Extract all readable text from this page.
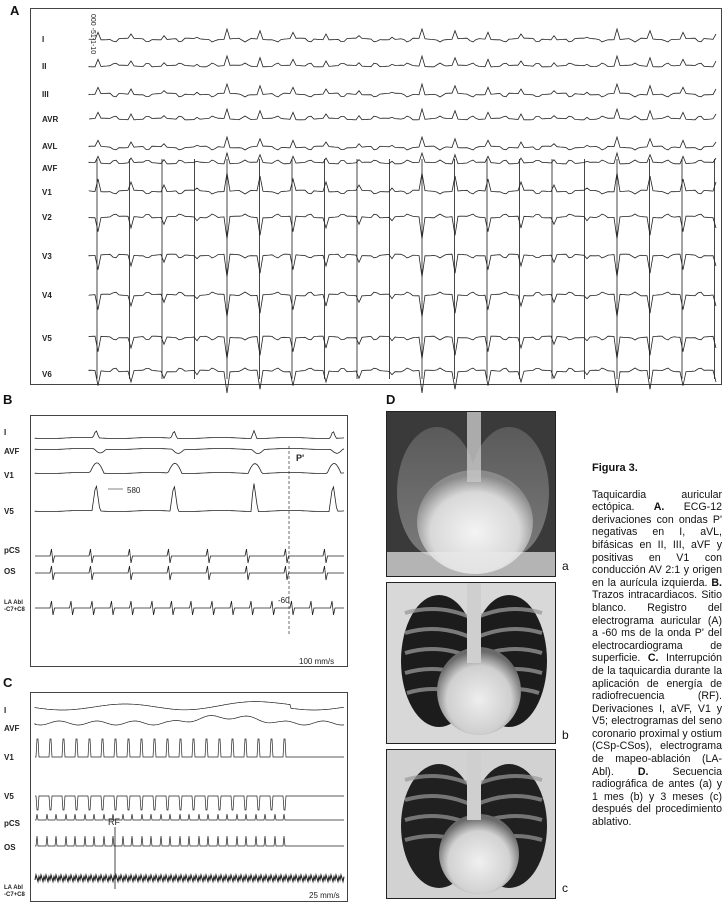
A
000 -51-1-10
I
II
III
AVR
AVL
AVF
V1
V2
V3
V4
V5
V6
B
580
P'
-60
100 mm/s
I
AVF
V1
V5
pCS
OS
LA Abl
-C7+C8
C
RF
25 mm/s
I
AVF
V1
V5
pCS
OS
LA Abl
-C7+C8
D
a
b
c
Figura 3.
Taquicardia auricular ectópica. A. ECG-12 derivaciones con ondas P' negativas en I, aVL, bifásicas en II, III, aVF y positivas en V1 con conducción AV 2:1 y origen en la aurícula izquierda. B. Trazos intracardiacos. Sitio blanco. Registro del electrograma auricular (A) a -60 ms de la onda P' del electrocardiograma de superficie. C. Interrupción de la taquicardia durante la aplicación de energía de radiofrecuencia (RF). Derivaciones I, aVF, V1 y V5; electrogramas del seno coronario proximal y ostium (CSp-CSos), electrograma de mapeo-ablación (LA-Abl). D. Secuencia radiográfica de antes (a) y 1 mes (b) y 3 meses (c) después del procedimiento ablativo.
